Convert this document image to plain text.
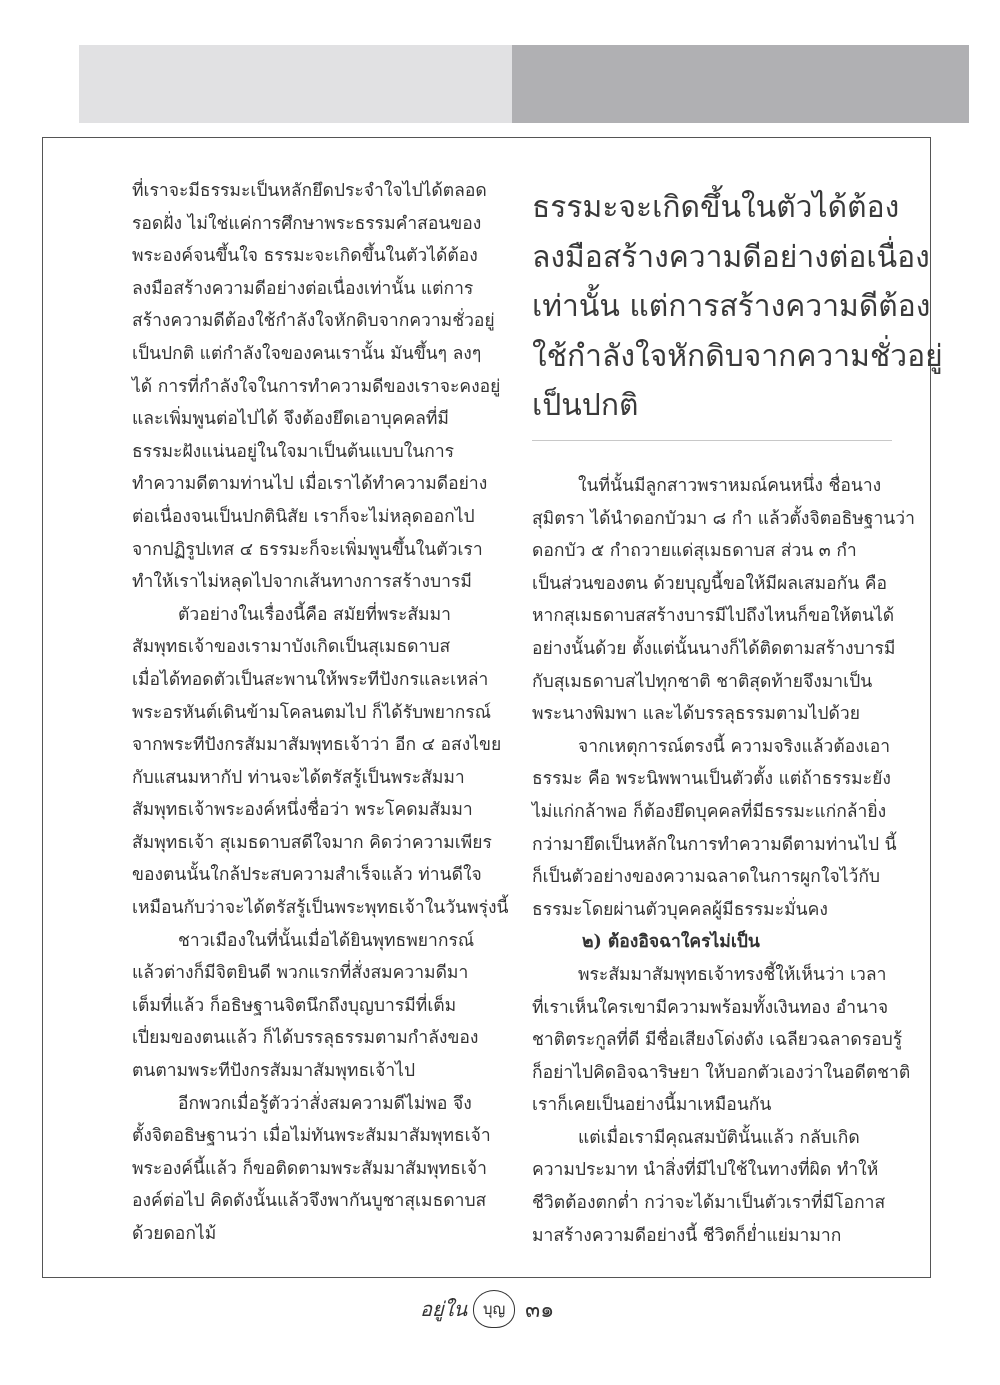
ที่เราจะมีธรรมะเป็นหลักยึดประจำใจไปได้ตลอด
รอดฝั่ง ไม่ใช่แค่การศึกษาพระธรรมคำสอนของ
พระองค์จนขึ้นใจ ธรรมะจะเกิดขึ้นในตัวได้ต้อง
ลงมือสร้างความดีอย่างต่อเนื่องเท่านั้น แต่การ
สร้างความดีต้องใช้กำลังใจหักดิบจากความชั่วอยู่
เป็นปกติ แต่กำลังใจของคนเรานั้น มันขึ้นๆ ลงๆ
ได้ การที่กำลังใจในการทำความดีของเราจะคงอยู่
และเพิ่มพูนต่อไปได้ จึงต้องยึดเอาบุคคลที่มี
ธรรมะฝังแน่นอยู่ในใจมาเป็นต้นแบบในการ
ทำความดีตามท่านไป เมื่อเราได้ทำความดีอย่าง
ต่อเนื่องจนเป็นปกตินิสัย เราก็จะไม่หลุดออกไป
จากปฏิรูปเทส ๔ ธรรมะก็จะเพิ่มพูนขึ้นในตัวเรา
ทำให้เราไม่หลุดไปจากเส้นทางการสร้างบารมี
ตัวอย่างในเรื่องนี้คือ สมัยที่พระสัมมา
สัมพุทธเจ้าของเรามาบังเกิดเป็นสุเมธดาบส
เมื่อได้ทอดตัวเป็นสะพานให้พระทีปังกรและเหล่า
พระอรหันต์เดินข้ามโคลนตมไป ก็ได้รับพยากรณ์
จากพระทีปังกรสัมมาสัมพุทธเจ้าว่า อีก ๔ อสงไขย
กับแสนมหากัป ท่านจะได้ตรัสรู้เป็นพระสัมมา
สัมพุทธเจ้าพระองค์หนึ่งชื่อว่า พระโคดมสัมมา
สัมพุทธเจ้า สุเมธดาบสดีใจมาก คิดว่าความเพียร
ของตนนั้นใกล้ประสบความสำเร็จแล้ว ท่านดีใจ
เหมือนกับว่าจะได้ตรัสรู้เป็นพระพุทธเจ้าในวันพรุ่งนี้
ชาวเมืองในที่นั้นเมื่อได้ยินพุทธพยากรณ์
แล้วต่างก็มีจิตยินดี พวกแรกที่สั่งสมความดีมา
เต็มที่แล้ว ก็อธิษฐานจิตนึกถึงบุญบารมีที่เต็ม
เปี่ยมของตนแล้ว ก็ได้บรรลุธรรมตามกำลังของ
ตนตามพระทีปังกรสัมมาสัมพุทธเจ้าไป
อีกพวกเมื่อรู้ตัวว่าสั่งสมความดีไม่พอ จึง
ตั้งจิตอธิษฐานว่า เมื่อไม่ทันพระสัมมาสัมพุทธเจ้า
พระองค์นี้แล้ว ก็ขอติดตามพระสัมมาสัมพุทธเจ้า
องค์ต่อไป คิดดังนั้นแล้วจึงพากันบูชาสุเมธดาบส
ด้วยดอกไม้
ธรรมะจะเกิดขึ้นในตัวได้ต้อง
ลงมือสร้างความดีอย่างต่อเนื่อง
เท่านั้น แต่การสร้างความดีต้อง
ใช้กำลังใจหักดิบจากความชั่วอยู่
เป็นปกติ
ในที่นั้นมีลูกสาวพราหมณ์คนหนึ่ง ชื่อนาง
สุมิตรา ได้นำดอกบัวมา ๘ กำ แล้วตั้งจิตอธิษฐานว่า
ดอกบัว ๕ กำถวายแด่สุเมธดาบส ส่วน ๓ กำ
เป็นส่วนของตน ด้วยบุญนี้ขอให้มีผลเสมอกัน คือ
หากสุเมธดาบสสร้างบารมีไปถึงไหนก็ขอให้ตนได้
อย่างนั้นด้วย ตั้งแต่นั้นนางก็ได้ติดตามสร้างบารมี
กับสุเมธดาบสไปทุกชาติ ชาติสุดท้ายจึงมาเป็น
พระนางพิมพา และได้บรรลุธรรมตามไปด้วย
จากเหตุการณ์ตรงนี้ ความจริงแล้วต้องเอา
ธรรมะ คือ พระนิพพานเป็นตัวตั้ง แต่ถ้าธรรมะยัง
ไม่แก่กล้าพอ ก็ต้องยึดบุคคลที่มีธรรมะแก่กล้ายิ่ง
กว่ามายึดเป็นหลักในการทำความดีตามท่านไป นี้
ก็เป็นตัวอย่างของความฉลาดในการผูกใจไว้กับ
ธรรมะโดยผ่านตัวบุคคลผู้มีธรรมะมั่นคง
๒) ต้องอิจฉาใครไม่เป็น
พระสัมมาสัมพุทธเจ้าทรงชี้ให้เห็นว่า เวลา
ที่เราเห็นใครเขามีความพร้อมทั้งเงินทอง อำนาจ
ชาติตระกูลที่ดี มีชื่อเสียงโด่งดัง เฉลียวฉลาดรอบรู้
ก็อย่าไปคิดอิจฉาริษยา ให้บอกตัวเองว่าในอดีตชาติ
เราก็เคยเป็นอย่างนี้มาเหมือนกัน
แต่เมื่อเรามีคุณสมบัตินั้นแล้ว กลับเกิด
ความประมาท นำสิ่งที่มีไปใช้ในทางที่ผิด ทำให้
ชีวิตต้องตกต่ำ กว่าจะได้มาเป็นตัวเราที่มีโอกาส
มาสร้างความดีอย่างนี้ ชีวิตก็ย่ำแย่มามาก
อยู่ใน	บุญ ๓๑
